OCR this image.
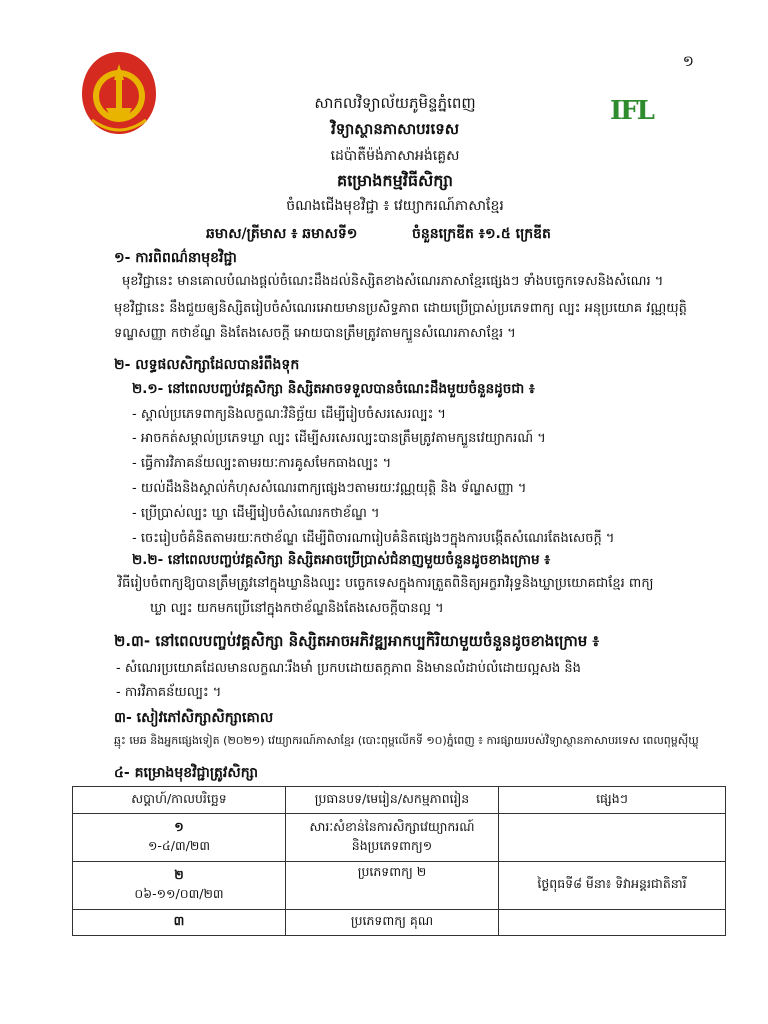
១
IFL
សាកលវិទ្យាល័យភូមិន្ទភ្នំពេញ
វិទ្យាស្ថានភាសាបរទេស
ដេប៉ាតឺម៉ង់ភាសាអង់គ្លេស
គម្រោងកម្មវិធីសិក្សា
ចំណងជើងមុខវិជ្ជា ៖ វេយ្យាករណ៍ភាសាខ្មែរ
ឆមាស/ត្រីមាស ៖ ឆមាសទី១	ចំនួនក្រេឌីត ៖១.៥ ក្រេឌីត
១- ការពិពណ៌នាមុខវិជ្ជា
មុខវិជ្ជានេះ មានគោលបំណងផ្តល់ចំណេះដឹងដល់និស្សិតខាងសំណេរភាសាខ្មែរផ្សេងៗ ទាំងបច្ចេកទេសនិងសំណេរ ។
មុខវិជ្ជានេះ នឹងជួយឲ្យនិស្សិតរៀបចំសំណេរអោយមានប្រសិទ្ធភាព ដោយប្រើប្រាស់ប្រភេទពាក្យ ល្បះ អនុប្រយោគ វណ្ណយុត្តិ
ទណ្ឌសញ្ញា កថាខ័ណ្ឌ និងតែងសេចក្តី អោយបានត្រឹមត្រូវតាមក្បួនសំណេរភាសាខ្មែរ ។
២- លទ្ធផលសិក្សាដែលបានរំពឹងទុក
២.១- នៅពេលបញ្ចប់វគ្គសិក្សា និស្សិតអាចទទួលបានចំណេះដឹងមួយចំនួនដូចជា ៖
- ស្គាល់ប្រភេទពាក្យនិងលក្ខណៈវិនិច្ឆ័យ ដើម្បីរៀបចំសរសេរល្បះ ។
- អាចកត់សម្គាល់ប្រភេទឃ្លា ល្បះ ដើម្បីសរសេរល្បះបានត្រឹមត្រូវតាមក្បួនវេយ្យាករណ៍ ។
- ធ្វើការវិភាគន័យល្បះតាមរយៈការគូសមែកធាងល្បះ ។
- យល់ដឹងនិងស្គាល់កំហុសសំណេរពាក្យផ្សេងៗតាមរយៈវណ្ណយុត្តិ និង ទ័ណ្ឌសញ្ញា ។
- ប្រើប្រាស់ល្បះ ឃ្លា ដើម្បីរៀបចំសំណេរកថាខ័ណ្ឌ ។
- ចេះរៀបចំគំនិតតាមរយៈកថាខ័ណ្ឌ ដើម្បីពិចារណារៀបគំនិតផ្សេងៗក្នុងការបង្កើតសំណេរតែងសេចក្តី ។
២.២- នៅពេលបញ្ចប់វគ្គសិក្សា និស្សិតអាចប្រើប្រាស់ជំនាញមួយចំនួនដូចខាងក្រោម ៖
វិធីរៀបចំពាក្យឱ្យបានត្រឹមត្រូវនៅក្នុងឃ្លានិងល្បះ បច្ចេកទេសក្នុងការត្រួតពិនិត្យអក្ខរាវិរុទ្ធនិងឃ្លាប្រយោគជាខ្មែរ ពាក្យ
ឃ្លា ល្បះ យកមកប្រើនៅក្នុងកថាខ័ណ្ឌនិងតែងសេចក្តីបានល្អ ។
២.៣- នៅពេលបញ្ចប់វគ្គសិក្សា និស្សិតអាចអភិវឌ្ឍអាកប្បកិរិយាមួយចំនួនដូចខាងក្រោម ៖
- សំណេរប្រយោគដែលមានលក្ខណៈរឹងមាំ ប្រកបដោយតក្កភាព និងមានលំដាប់លំដោយល្អសង និង
- ការវិភាគន័យល្បះ ។
៣- សៀវភៅសិក្សាសិក្សាគោល
ឆ្មុះ មេឆ និងអ្នកផ្សេងទៀត (២០២១) វេយ្យាករណ៍ភាសាខ្មែរ (បោះពុម្ពលើកទី ១០)ភ្នំពេញ ៖ ការផ្សាយរបស់វិទ្យាស្ថានភាសាបរទេស ពេលពុម្ពស៊ីឃ្លុ
៤- គម្រោងមុខវិជ្ជាត្រូវសិក្សា
សប្តាហ៍/កាលបរិច្ឆេទ	ប្រធានបទ/មេរៀន/សកម្មភាពរៀន	ផ្សេងៗ

១
១-៤/៣/២៣	សារៈសំខាន់នៃការសិក្សាវេយ្យាករណ៍
និងប្រភេទពាក្យ១	

២
០៦-១១/០៣/២៣	ប្រភេទពាក្យ ២	ថ្ងៃពុធទី៨ មីនា៖ ទិវាអន្តរជាតិនារី

៣	ប្រភេទពាក្យ គុណ	
